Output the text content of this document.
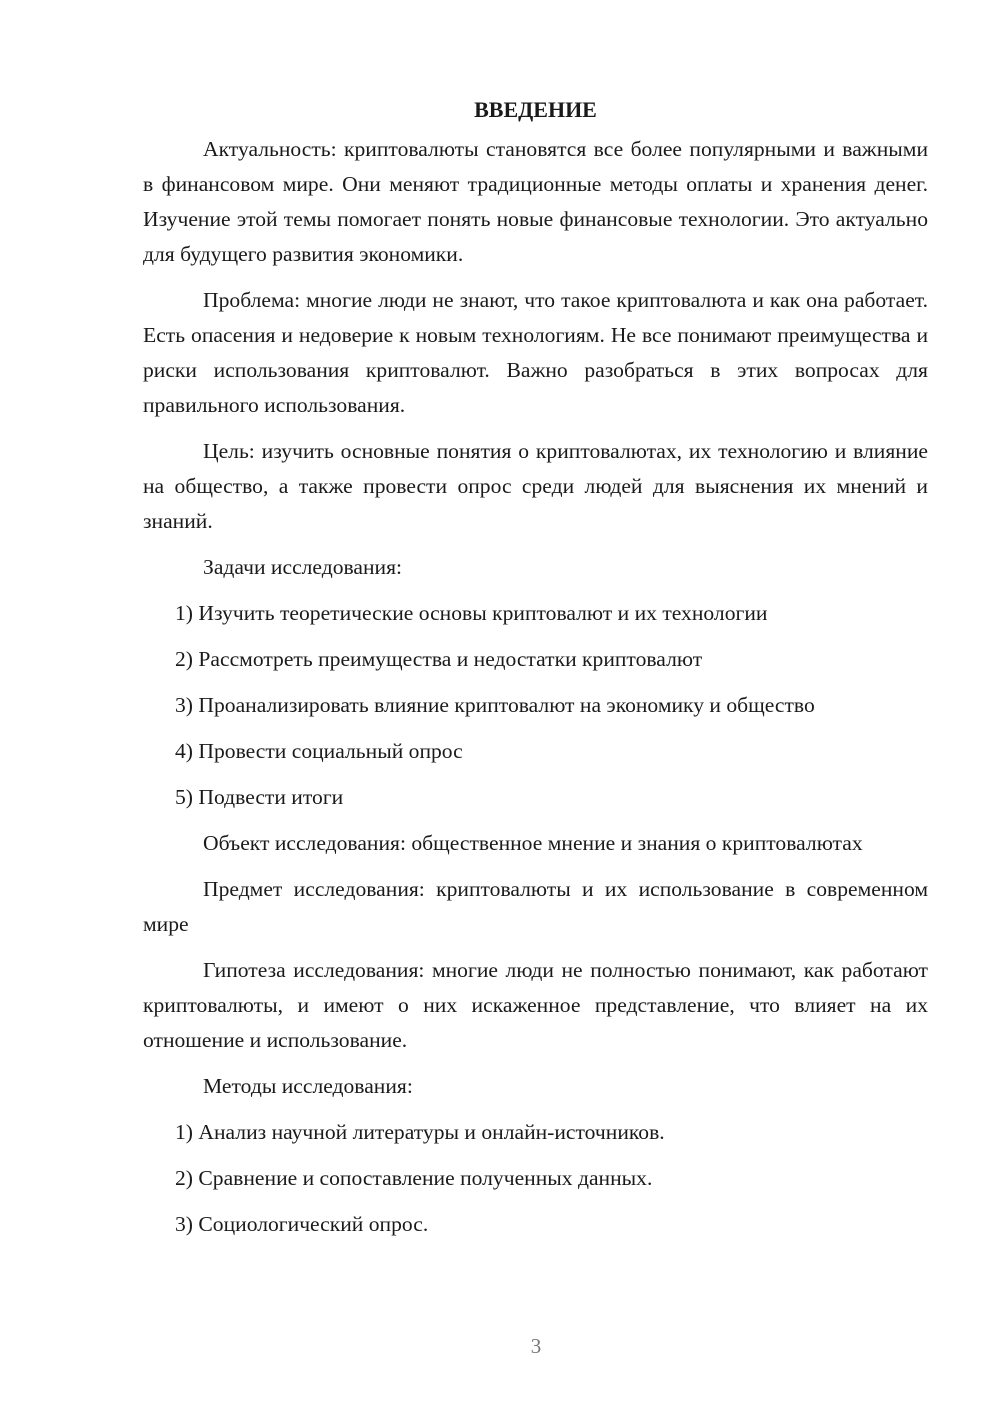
ВВЕДЕНИЕ

Актуальность: криптовалюты становятся все более популярными и важными в финансовом мире. Они меняют традиционные методы оплаты и хранения денег. Изучение этой темы помогает понять новые финансовые технологии. Это актуально для будущего развития экономики.

Проблема: многие люди не знают, что такое криптовалюта и как она работает. Есть опасения и недоверие к новым технологиям. Не все понимают преимущества и риски использования криптовалют. Важно разобраться в этих вопросах для правильного использования.

Цель: изучить основные понятия о криптовалютах, их технологию и влияние на общество, а также провести опрос среди людей для выяснения их мнений и знаний.

Задачи исследования:

1) Изучить теоретические основы криптовалют и их технологии
2) Рассмотреть преимущества и недостатки криптовалют
3) Проанализировать влияние криптовалют на экономику и общество
4) Провести социальный опрос
5) Подвести итоги

Объект исследования: общественное мнение и знания о криптовалютах

Предмет исследования: криптовалюты и их использование в современном мире

Гипотеза исследования: многие люди не полностью понимают, как работают криптовалюты, и имеют о них искаженное представление, что влияет на их отношение и использование.

Методы исследования:

1) Анализ научной литературы и онлайн-источников.
2) Сравнение и сопоставление полученных данных.
3) Социологический опрос.
3
